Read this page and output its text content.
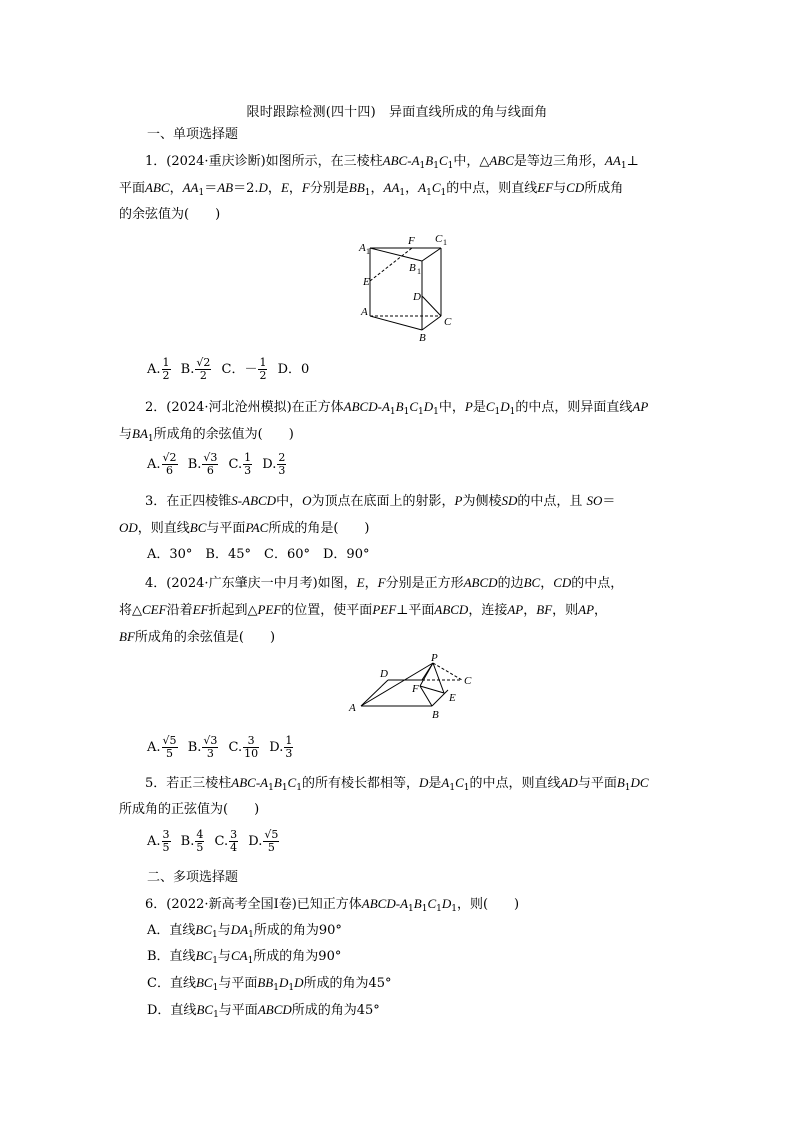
限时跟踪检测(四十四)　异面直线所成的角与线面角
一、单项选择题
1．(2024·重庆诊断)如图所示，在三棱柱ABC-$A_1B_1C_1$中，△ABC是等边三角形，$AA_1\perp$
平面ABC，$AA_1=AB=2.D$，E，F分别是$BB_1$，$AA_1$，$A_1C_1$的中点，则直线EF与CD所成角
的余弦值为(　　)
A 1
F C 1
B 1
E
D
A
C
B
A. $\frac{1}{2} B$. $\frac{√2}{2}$ C．－ $\frac{1}{2}$ D．0
2．(2024·河北沧州模拟)在正方体ABCD-$A_1B_1C_1D_1$中，P是$C_1D_1$的中点，则异面直线AP
与$BA_1$所成角的余弦值为(　　)
A. $\frac{√2}{6} B$. $\frac{√3}{6} C$. $\frac{1}{3} D$. $\frac{2}{3}$
3．在正四棱锥S-ABCD中，O为顶点在底面上的射影，P为侧棱SD的中点，且 SO＝
OD，则直线BC与平面PAC所成的角是(　　)
A．30°　B．45°　C．60°　D．90°
4．(2024·广东肇庆一中月考)如图，E，F分别是正方形ABCD的边BC，CD的中点，
将△CEF沿着EF折起到△PEF的位置，使平面PEF⊥平面ABCD，连接AP，BF，则AP，
BF所成角的余弦值是(　　)
P
D
C
F
E
A
B
A. $\frac{√5}{5} B$. $\frac{√3}{3} C$. $\frac{3}{10} D$. $\frac{1}{3}$
5．若正三棱柱ABC-$A_1B_1C_1$的所有棱长都相等，D是$A_1C_1$的中点，则直线AD与平面$B_1DC$
所成角的正弦值为(　　)
A. $\frac{3}{5} B$. $\frac{4}{5} C$. $\frac{3}{4} D$. $\frac{√5}{5}$
二、多项选择题
6．(2022·新高考全国Ⅰ卷)已知正方体ABCD-$A_1B_1C_1D_1$，则(　　)
A．直线$BC_1$与$DA_1$所成的角为90°
B．直线$BC_1$与$CA_1$所成的角为90°
C．直线$BC_1$与平面$BB_1D_1D$所成的角为45°
D．直线$BC_1$与平面ABCD所成的角为45°
